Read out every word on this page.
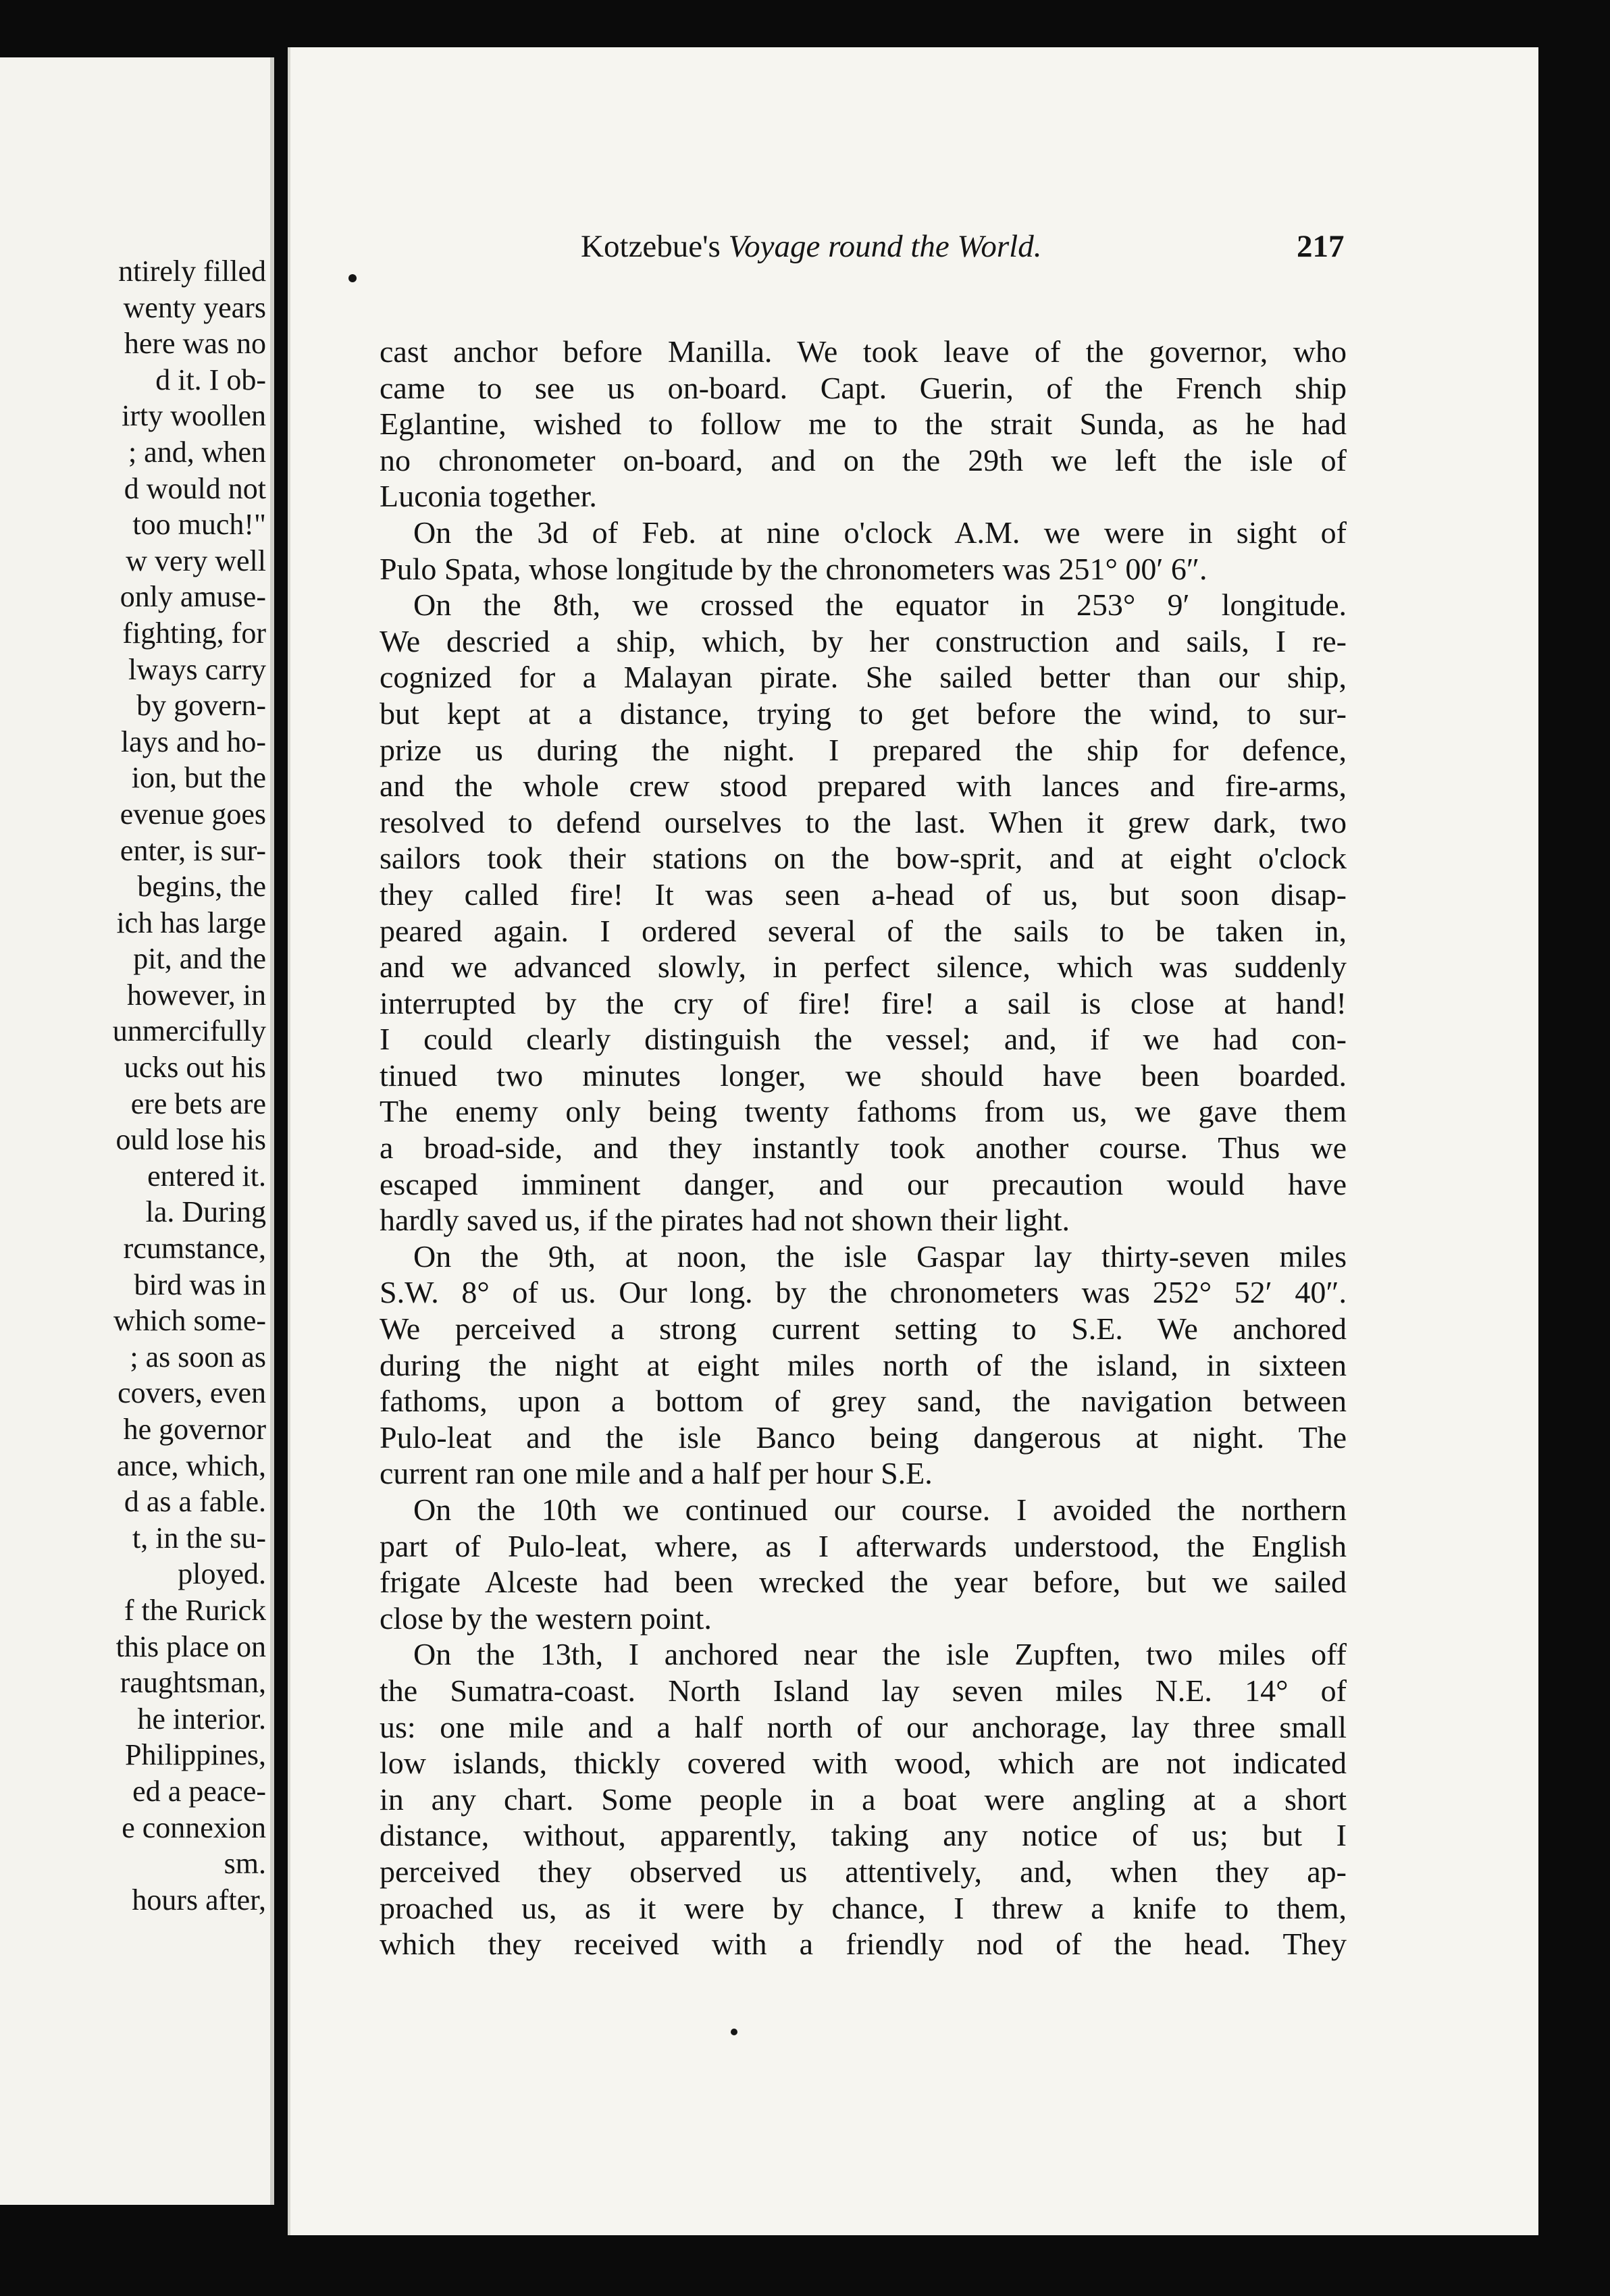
ntirely filled
wenty years
here was no
d it. I ob-
irty woollen
; and, when
d would not
too much!"
w very well
only amuse-
fighting, for
lways carry
by govern-
lays and ho-
ion, but the
evenue goes
enter, is sur-
begins, the
ich has large
pit, and the
however, in
unmercifully
ucks out his
ere bets are
ould lose his
entered it.
la. During
rcumstance,
bird was in
which some-
; as soon as
covers, even
he governor
ance, which,
d as a fable.
t, in the su-
ployed.
f the Rurick
this place on
raughtsman,
he interior.
Philippines,
ed a peace-
e connexion
sm.
hours after,
Kotzebue's Voyage round the World.	217
cast anchor before Manilla. We took leave of the governor, who
came to see us on-board. Capt. Guerin, of the French ship
Eglantine, wished to follow me to the strait Sunda, as he had
no chronometer on-board, and on the 29th we left the isle of
Luconia together.
On the 3d of Feb. at nine o'clock A.M. we were in sight of
Pulo Spata, whose longitude by the chronometers was 251° 00′ 6″.
On the 8th, we crossed the equator in 253° 9′ longitude.
We descried a ship, which, by her construction and sails, I re-
cognized for a Malayan pirate. She sailed better than our ship,
but kept at a distance, trying to get before the wind, to sur-
prize us during the night. I prepared the ship for defence,
and the whole crew stood prepared with lances and fire-arms,
resolved to defend ourselves to the last. When it grew dark, two
sailors took their stations on the bow-sprit, and at eight o'clock
they called fire! It was seen a-head of us, but soon disap-
peared again. I ordered several of the sails to be taken in,
and we advanced slowly, in perfect silence, which was suddenly
interrupted by the cry of fire! fire! a sail is close at hand!
I could clearly distinguish the vessel; and, if we had con-
tinued two minutes longer, we should have been boarded.
The enemy only being twenty fathoms from us, we gave them
a broad-side, and they instantly took another course. Thus we
escaped imminent danger, and our precaution would have
hardly saved us, if the pirates had not shown their light.
On the 9th, at noon, the isle Gaspar lay thirty-seven miles
S.W. 8° of us. Our long. by the chronometers was 252° 52′ 40″.
We perceived a strong current setting to S.E. We anchored
during the night at eight miles north of the island, in sixteen
fathoms, upon a bottom of grey sand, the navigation between
Pulo-leat and the isle Banco being dangerous at night. The
current ran one mile and a half per hour S.E.
On the 10th we continued our course. I avoided the northern
part of Pulo-leat, where, as I afterwards understood, the English
frigate Alceste had been wrecked the year before, but we sailed
close by the western point.
On the 13th, I anchored near the isle Zupften, two miles off
the Sumatra-coast. North Island lay seven miles N.E. 14° of
us: one mile and a half north of our anchorage, lay three small
low islands, thickly covered with wood, which are not indicated
in any chart. Some people in a boat were angling at a short
distance, without, apparently, taking any notice of us; but I
perceived they observed us attentively, and, when they ap-
proached us, as it were by chance, I threw a knife to them,
which they received with a friendly nod of the head. They
